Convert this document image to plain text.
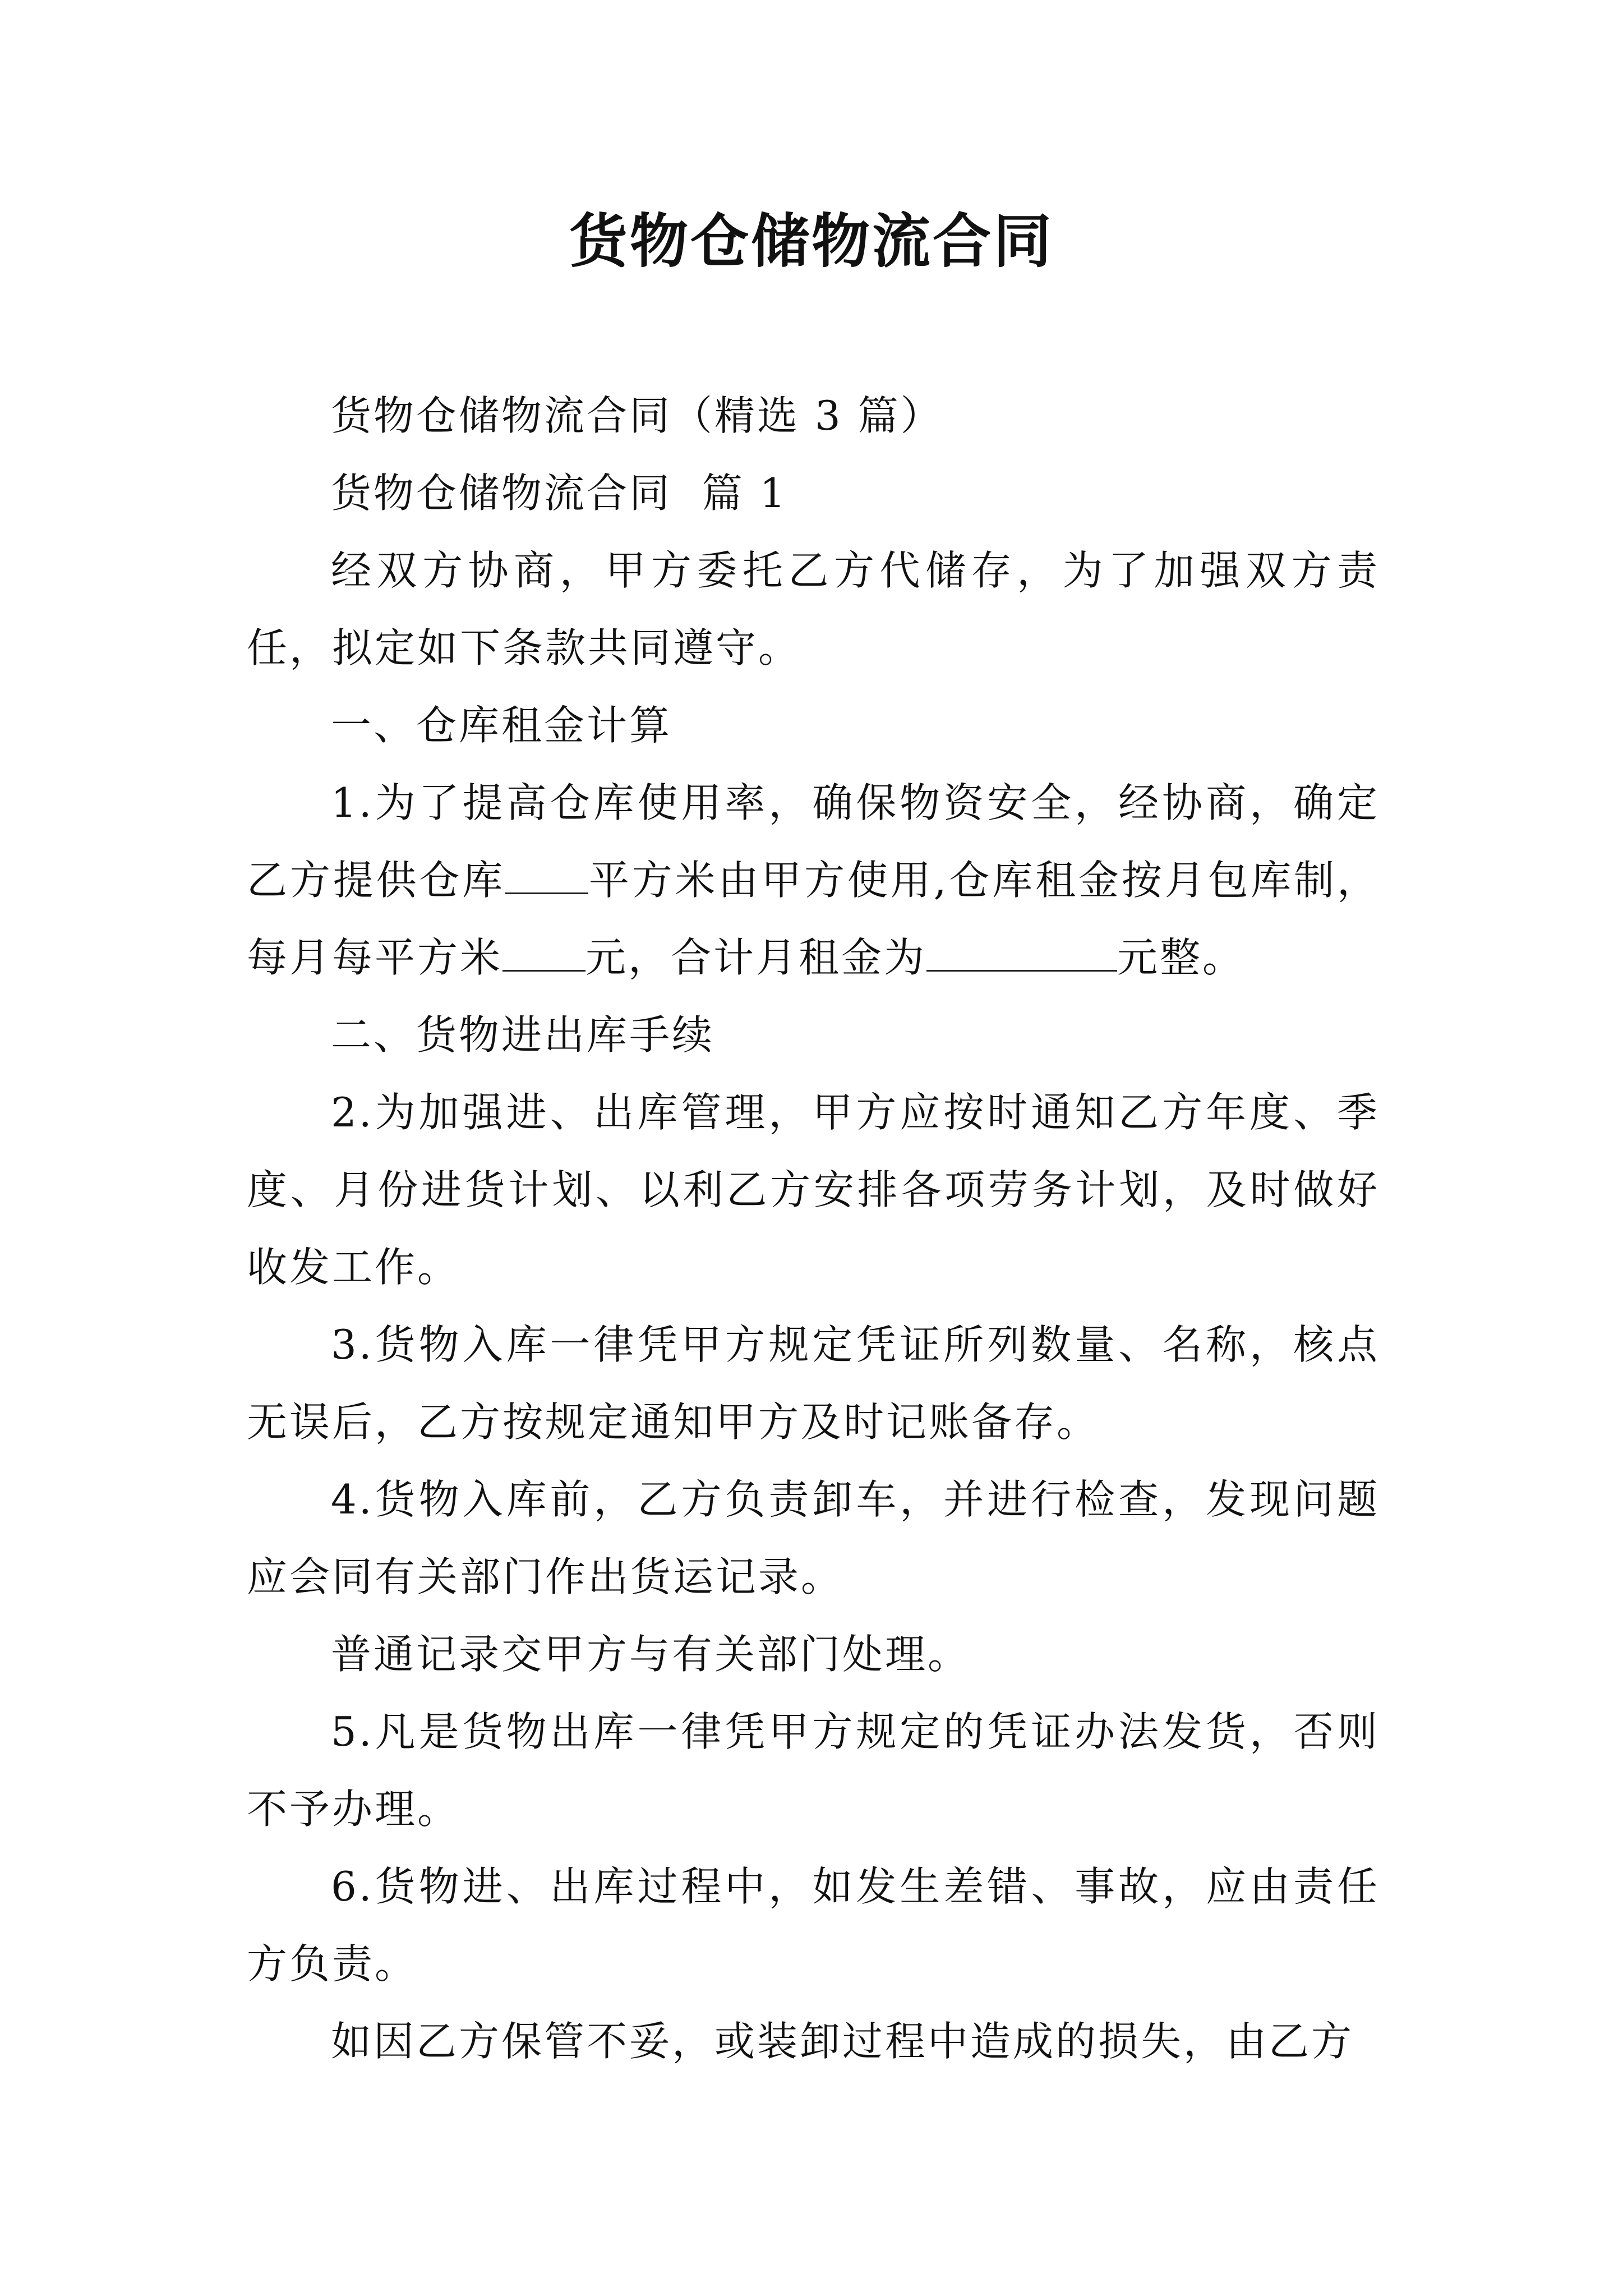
货物仓储物流合同

货物仓储物流合同（精选 3 篇）

货物仓储物流合同  篇 1

经双方协商，甲方委托乙方代储存，为了加强双方责任，拟定如下条款共同遵守。

一、仓库租金计算

1.为了提高仓库使用率，确保物资安全，经协商，确定乙方提供仓库 平方米由甲方使用,仓库租金按月包库制，每月每平方米 元，合计月租金为	元整。

二、货物进出库手续

2.为加强进、出库管理，甲方应按时通知乙方年度、季度、月份进货计划、以利乙方安排各项劳务计划，及时做好收发工作。

3.货物入库一律凭甲方规定凭证所列数量、名称，核点无误后，乙方按规定通知甲方及时记账备存。

4.货物入库前，乙方负责卸车，并进行检查，发现问题应会同有关部门作出货运记录。

普通记录交甲方与有关部门处理。

5.凡是货物出库一律凭甲方规定的凭证办法发货，否则不予办理。

6.货物进、出库过程中，如发生差错、事故，应由责任方负责。

如因乙方保管不妥，或装卸过程中造成的损失，由乙方
